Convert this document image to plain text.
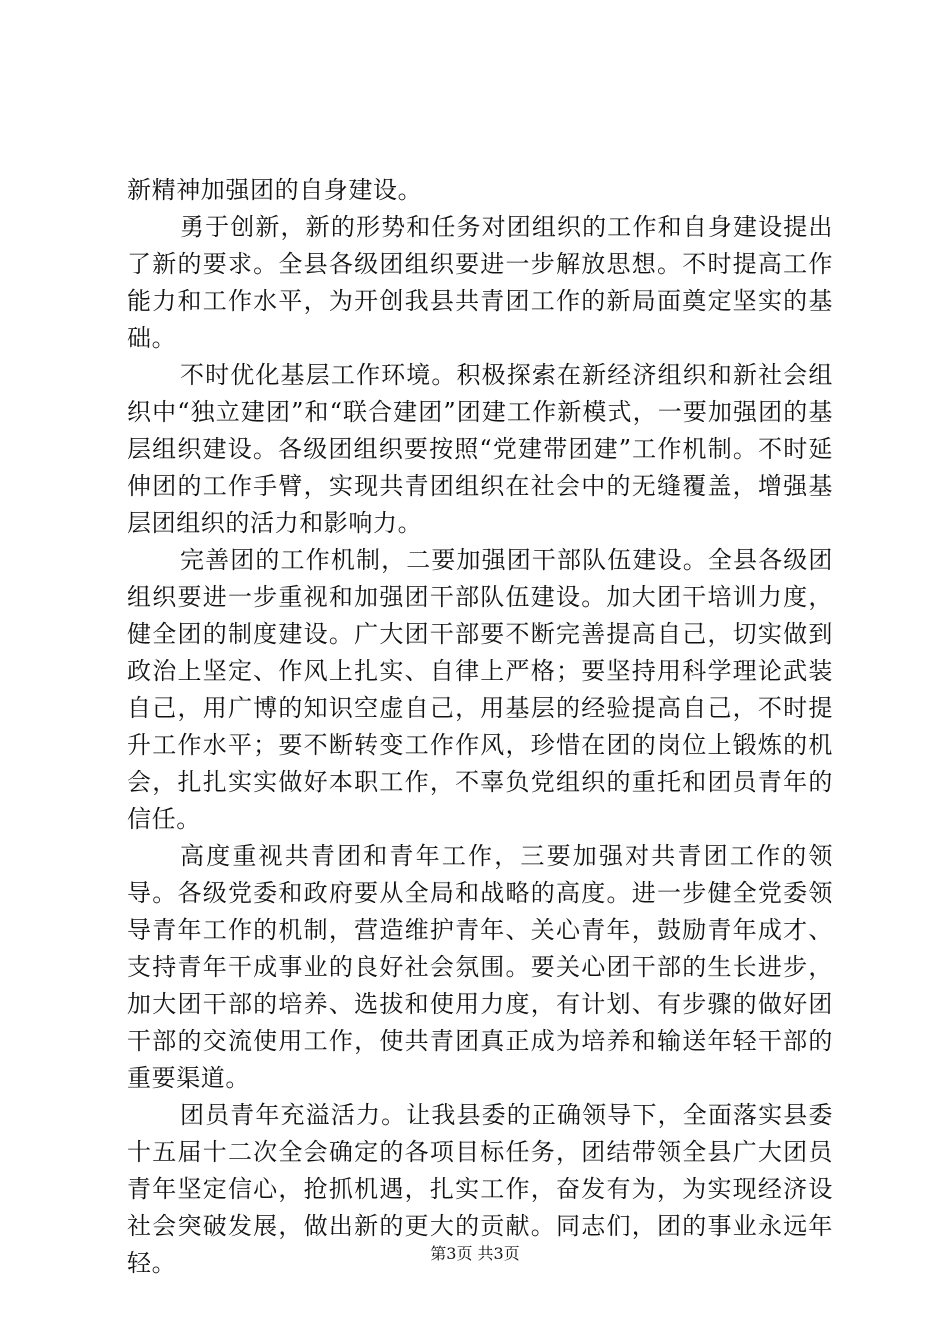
新精神加强团的自身建设。

勇于创新，新的形势和任务对团组织的工作和自身建设提出了新的要求。全县各级团组织要进一步解放思想。不时提高工作能力和工作水平，为开创我县共青团工作的新局面奠定坚实的基础。

不时优化基层工作环境。积极探索在新经济组织和新社会组织中“独立建团”和“联合建团”团建工作新模式，一要加强团的基层组织建设。各级团组织要按照“党建带团建”工作机制。不时延伸团的工作手臂，实现共青团组织在社会中的无缝覆盖，增强基层团组织的活力和影响力。

完善团的工作机制，二要加强团干部队伍建设。全县各级团组织要进一步重视和加强团干部队伍建设。加大团干培训力度，健全团的制度建设。广大团干部要不断完善提高自己，切实做到政治上坚定、作风上扎实、自律上严格；要坚持用科学理论武装自己，用广博的知识空虚自己，用基层的经验提高自己，不时提升工作水平；要不断转变工作作风，珍惜在团的岗位上锻炼的机会，扎扎实实做好本职工作，不辜负党组织的重托和团员青年的信任。

高度重视共青团和青年工作，三要加强对共青团工作的领导。各级党委和政府要从全局和战略的高度。进一步健全党委领导青年工作的机制，营造维护青年、关心青年，鼓励青年成才、支持青年干成事业的良好社会氛围。要关心团干部的生长进步，加大团干部的培养、选拔和使用力度，有计划、有步骤的做好团干部的交流使用工作，使共青团真正成为培养和输送年轻干部的重要渠道。

团员青年充溢活力。让我县委的正确领导下，全面落实县委十五届十二次全会确定的各项目标任务，团结带领全县广大团员青年坚定信心，抢抓机遇，扎实工作，奋发有为，为实现经济设社会突破发展，做出新的更大的贡献。同志们，团的事业永远年轻。	第3页 共3页
